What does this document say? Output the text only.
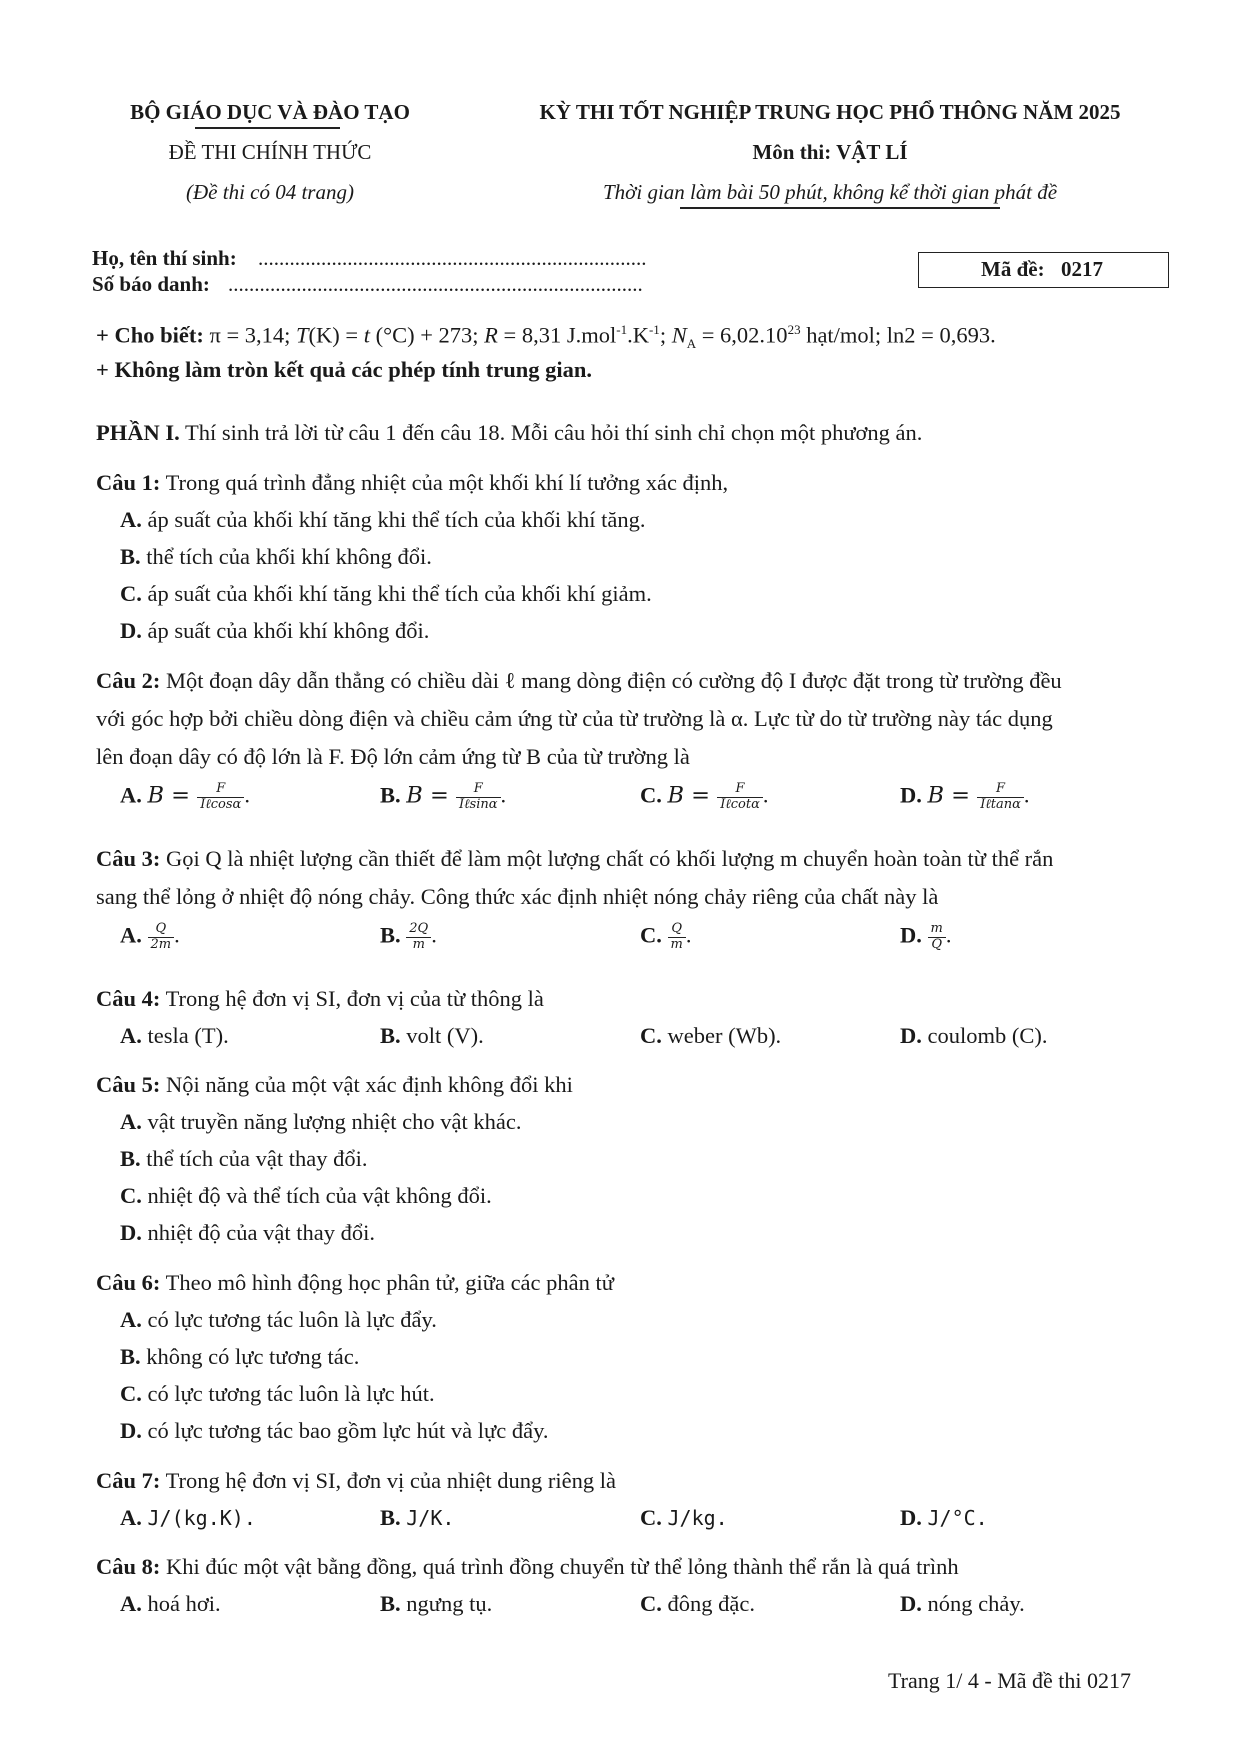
BỘ GIÁO DỤC VÀ ĐÀO TẠO
ĐỀ THI CHÍNH THỨC
(Đề thi có 04 trang)
KỲ THI TỐT NGHIỆP TRUNG HỌC PHỔ THÔNG NĂM 2025
Môn thi: VẬT LÍ
Thời gian làm bài 50 phút, không kể thời gian phát đề
Họ, tên thí sinh: ..........................................................................
Số báo danh: ...............................................................................
Mã đề: 0217
+ Cho biết: π = 3,14; T(K) = t (°C) + 273; R = 8,31 $J.mol^{-1}.K^{-1}$; $N_A = 6,02.10^{23}$ hạt/mol; ln2 = 0,693.
+ Không làm tròn kết quả các phép tính trung gian.
PHẦN I. Thí sinh trả lời từ câu 1 đến câu 18. Mỗi câu hỏi thí sinh chỉ chọn một phương án.
Câu 1: Trong quá trình đẳng nhiệt của một khối khí lí tưởng xác định,
A. áp suất của khối khí tăng khi thể tích của khối khí tăng.
B. thể tích của khối khí không đổi.
C. áp suất của khối khí tăng khi thể tích của khối khí giảm.
D. áp suất của khối khí không đổi.
Câu 2: Một đoạn dây dẫn thẳng có chiều dài ℓ mang dòng điện có cường độ I được đặt trong từ trường đều
với góc hợp bởi chiều dòng điện và chiều cảm ứng từ của từ trường là α. Lực từ do từ trường này tác dụng
lên đoạn dây có độ lớn là F. Độ lớn cảm ứng từ B của từ trường là
A. $B = \frac{F}{\text{Iℓcosα}}$ .	B. $B = \frac{F}{\text{Iℓsinα}}$ .	C. $B = \frac{F}{\text{Iℓcotα}}$ .	D. $B = \frac{F}{\text{Iℓtanα}}$ .
Câu 3: Gọi Q là nhiệt lượng cần thiết để làm một lượng chất có khối lượng m chuyển hoàn toàn từ thể rắn
sang thể lỏng ở nhiệt độ nóng chảy. Công thức xác định nhiệt nóng chảy riêng của chất này là
A. $\frac{Q}{2m}$ .	B. $\frac{2Q}{m}$ .	C. $\frac{Q}{m}$ .	D. $\frac{m}{Q}$ .
Câu 4: Trong hệ đơn vị SI, đơn vị của từ thông là
A. tesla (T).	B. volt (V).	C. weber (Wb).	D. coulomb (C).
Câu 5: Nội năng của một vật xác định không đổi khi
A. vật truyền năng lượng nhiệt cho vật khác.
B. thể tích của vật thay đổi.
C. nhiệt độ và thể tích của vật không đổi.
D. nhiệt độ của vật thay đổi.
Câu 6: Theo mô hình động học phân tử, giữa các phân tử
A. có lực tương tác luôn là lực đẩy.
B. không có lực tương tác.
C. có lực tương tác luôn là lực hút.
D. có lực tương tác bao gồm lực hút và lực đẩy.
Câu 7: Trong hệ đơn vị SI, đơn vị của nhiệt dung riêng là
A. J/(kg.K).	B. J/K.	C. J/kg.	D. J/°C.
Câu 8: Khi đúc một vật bằng đồng, quá trình đồng chuyển từ thể lỏng thành thể rắn là quá trình
A. hoá hơi.	B. ngưng tụ.	C. đông đặc.	D. nóng chảy.
Trang 1/ 4 - Mã đề thi 0217
